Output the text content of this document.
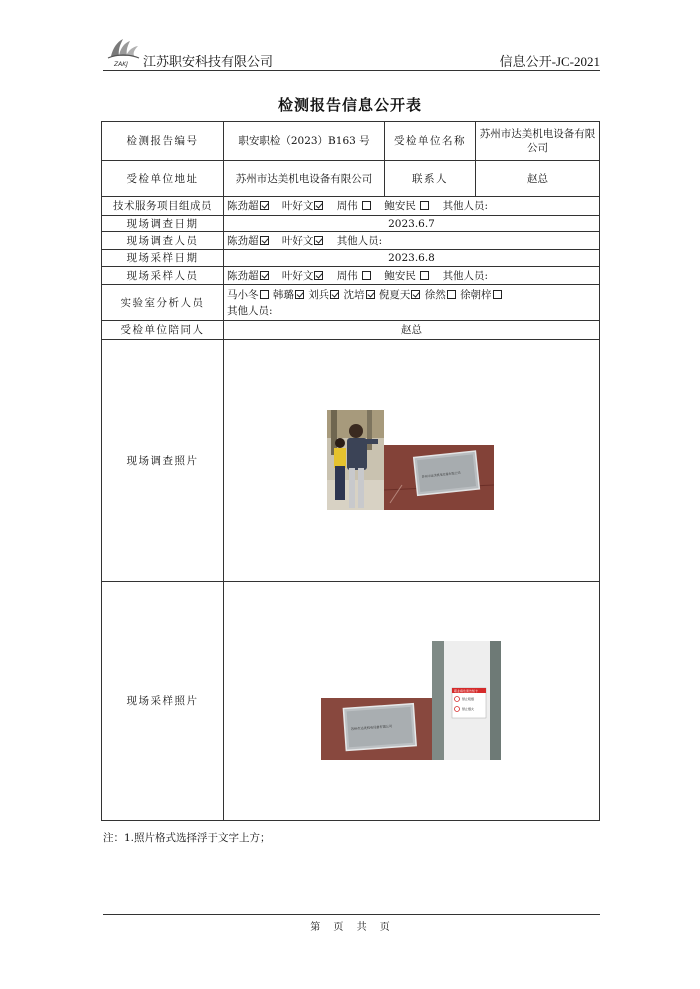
ZAKJ 江苏职安科技有限公司	信息公开-JC-2021
检测报告信息公开表
检测报告编号	职安职检（2023）B163 号	受检单位名称	苏州市达美机电设备有限公司
受检单位地址	苏州市达美机电设备有限公司	联系人	赵总
技术服务项目组成员	陈劲超 叶好文 周伟 鲍安民 其他人员:		
现场调查日期	2023.6.7		
现场调查人员	陈劲超 叶好文 其他人员:		
现场采样日期	2023.6.8		
现场采样人员	陈劲超 叶好文 周伟 鲍安民 其他人员:		
实验室分析人员	马小冬 韩璐 刘兵 沈培 倪夏天 徐然 徐朝梓
其他人员:		
受检单位陪同人	赵总		
现场调查照片	苏州市达美机电设备有限公司		

现场采样照片	苏州市达美机电设备有限公司
职业病危害告知卡
禁止吸烟
禁止烟火		
注：1.照片格式选择浮于文字上方；
第 页 共 页
